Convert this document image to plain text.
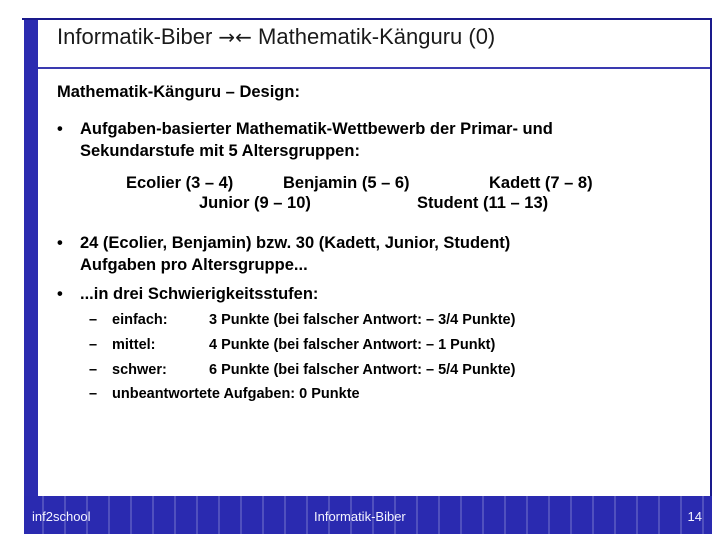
Informatik-Biber →← Mathematik-Känguru (0)
Mathematik-Känguru – Design:
• Aufgaben-basierter Mathematik-Wettbewerb der Primar- und
Sekundarstufe mit 5 Altersgruppen:
Ecolier (3 – 4)	Benjamin (5 – 6)	Kadett (7 – 8)
Junior (9 – 10)	Student (11 – 13)
• 24 (Ecolier, Benjamin) bzw. 30 (Kadett, Junior, Student)
Aufgaben pro Altersgruppe...
• ...in drei Schwierigkeitsstufen:
– einfach:	3 Punkte (bei falscher Antwort: – 3/4 Punkte)
– mittel:	4 Punkte (bei falscher Antwort: – 1 Punkt)
– schwer:	6 Punkte (bei falscher Antwort: – 5/4 Punkte)
– unbeantwortete Aufgaben: 0 Punkte
inf2school	Informatik-Biber	14
